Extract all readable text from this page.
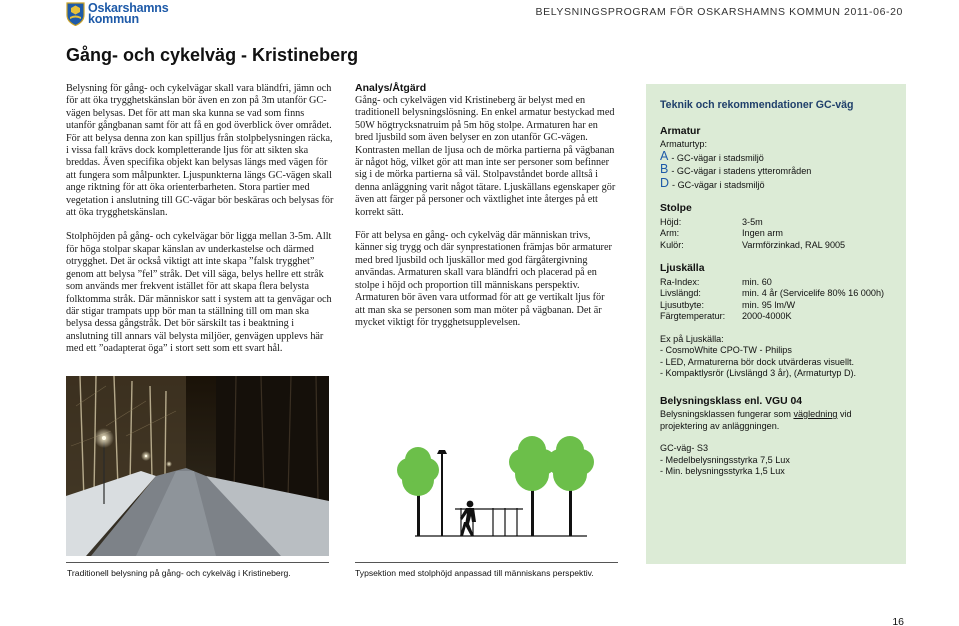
Oskarshamns
kommun	BELYSNINGSPROGRAM FÖR OSKARSHAMNS KOMMUN 2011-06-20
Gång- och cykelväg - Kristineberg

Belysning för gång- och cykelvägar skall vara bländfri, jämn och för att öka trygghetskänslan bör även en zon på 3m utanför GC-vägen belysas. Det för att man ska kunna se vad som finns utanför gångbanan samt för att få en god överblick över området. För att belysa denna zon kan spilljus från stolpbelysningen räcka, i vissa fall krävs dock kompletterande ljus för att sikten ska breddas. Även specifika objekt kan belysas längs med vägen för att fungera som målpunkter. Ljuspunkterna längs GC-vägen skall ange riktning för att öka orienterbarheten. Stora partier med vegetation i anslutning till GC-vägar bör beskäras och belysas för att öka trygghetskänslan.

Stolphöjden på gång- och cykelvägar bör ligga mellan 3-5m. Allt för höga stolpar skapar känslan av underkastelse och därmed otrygghet. Det är också viktigt att inte skapa ”falsk trygghet” genom att belysa ”fel” stråk. Det vill säga, belys hellre ett stråk som används mer frekvent istället för att skapa flera belysta folktomma stråk. Där människor satt i system att ta genvägar och där stigar trampats upp bör man ta ställning till om man ska belysa dessa gångstråk. Det bör särskilt tas i beaktning i anslutning till annars väl belysta miljöer, genvägen upplevs här med ett ”oadapterat öga” i stort sett som ett svart hål.

Analys/Åtgärd

Gång- och cykelvägen vid Kristineberg är belyst med en traditionell belysningslösning. En enkel armatur bestyckad med 50W högtrycksnatruim på 5m hög stolpe. Armaturen har en bred ljusbild som även belyser en zon utanför GC-vägen. Kontrasten mellan de ljusa och de mörka partierna på vägbanan är något hög, vilket gör att man inte ser personer som befinner sig i de mörka partierna så väl. Stolpavståndet borde alltså i denna anläggning varit något tätare. Ljuskällans egenskaper gör även att färger på personer och växtlighet inte återges på ett korrekt sätt.

För att belysa en gång- och cykelväg där människan trivs, känner sig trygg och där synprestationen främjas bör armaturer med bred ljusbild och ljuskällor med god färgåtergivning användas. Armaturen skall vara bländfri och placerad på en stolpe i höjd och proportion till människans perspektiv. Armaturen bör även vara utformad för att ge vertikalt ljus för att man ska se personen som man möter på vägbanan. Det är mycket viktigt för trygghetsupplevelsen.

Traditionell belysning på gång- och cykelväg i Kristineberg.	Typsektion med stolphöjd anpassad till människans perspektiv.
Teknik och rekommendationer GC-väg
Armatur
Armaturtyp:
A - GC-vägar i stadsmiljö
B - GC-vägar i stadens ytterområden
D - GC-vägar i stadsmiljö
Stolpe
Höjd:	3-5m
Arm:	Ingen arm
Kulör:	Varmförzinkad, RAL 9005
Ljuskälla
Ra-Index:	min. 60
Livslängd:	min. 4 år (Servicelife 80% 16 000h)
Ljusutbyte:	min. 95 lm/W
Färgtemperatur:	2000-4000K
Ex på Ljuskälla:
- CosmoWhite CPO-TW - Philips
- LED, Armaturerna bör dock utvärderas visuellt.
- Kompaktlysrör (Livslängd 3 år), (Armaturtyp D).
Belysningsklass enl. VGU 04
Belysningsklassen fungerar som vägledning vid projektering av anläggningen.
GC-väg- S3
- Medelbelysningsstyrka 7,5 Lux
- Min. belysningsstyrka 1,5 Lux
16
